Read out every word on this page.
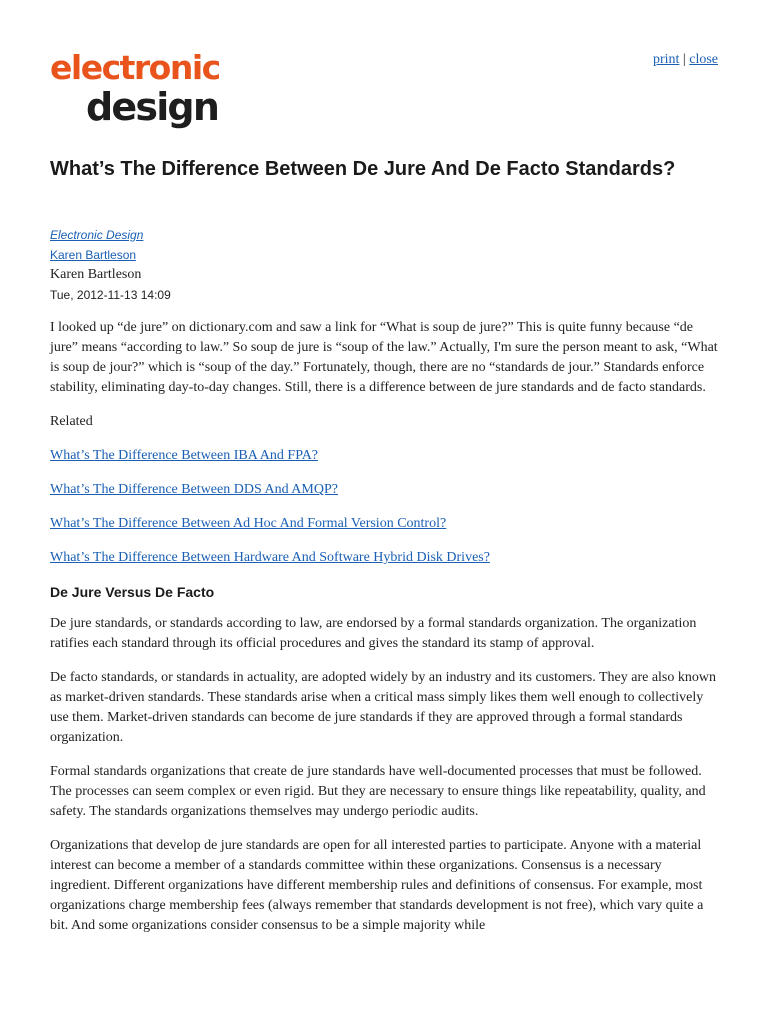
electronic
design
print | close
What’s The Difference Between De Jure And De Facto Standards?
Electronic Design
Karen Bartleson
Karen Bartleson
Tue, 2012-11-13 14:09

I looked up “de jure” on dictionary.com and saw a link for “What is soup de jure?” This is quite funny because “de jure” means “according to law.” So soup de jure is “soup of the law.” Actually, I'm sure the person meant to ask, “What is soup de jour?” which is “soup of the day.” Fortunately, though, there are no “standards de jour.” Standards enforce stability, eliminating day-to-day changes. Still, there is a difference between de jure standards and de facto standards.

Related
What’s The Difference Between IBA And FPA?
What’s The Difference Between DDS And AMQP?
What’s The Difference Between Ad Hoc And Formal Version Control?
What’s The Difference Between Hardware And Software Hybrid Disk Drives?
De Jure Versus De Facto

De jure standards, or standards according to law, are endorsed by a formal standards organization. The organization ratifies each standard through its official procedures and gives the standard its stamp of approval.

De facto standards, or standards in actuality, are adopted widely by an industry and its customers. They are also known as market-driven standards. These standards arise when a critical mass simply likes them well enough to collectively use them. Market-driven standards can become de jure standards if they are approved through a formal standards organization.

Formal standards organizations that create de jure standards have well-documented processes that must be followed. The processes can seem complex or even rigid. But they are necessary to ensure things like repeatability, quality, and safety. The standards organizations themselves may undergo periodic audits.

Organizations that develop de jure standards are open for all interested parties to participate. Anyone with a material interest can become a member of a standards committee within these organizations. Consensus is a necessary ingredient. Different organizations have different membership rules and definitions of consensus. For example, most organizations charge membership fees (always remember that standards development is not free), which vary quite a bit. And some organizations consider consensus to be a simple majority while
